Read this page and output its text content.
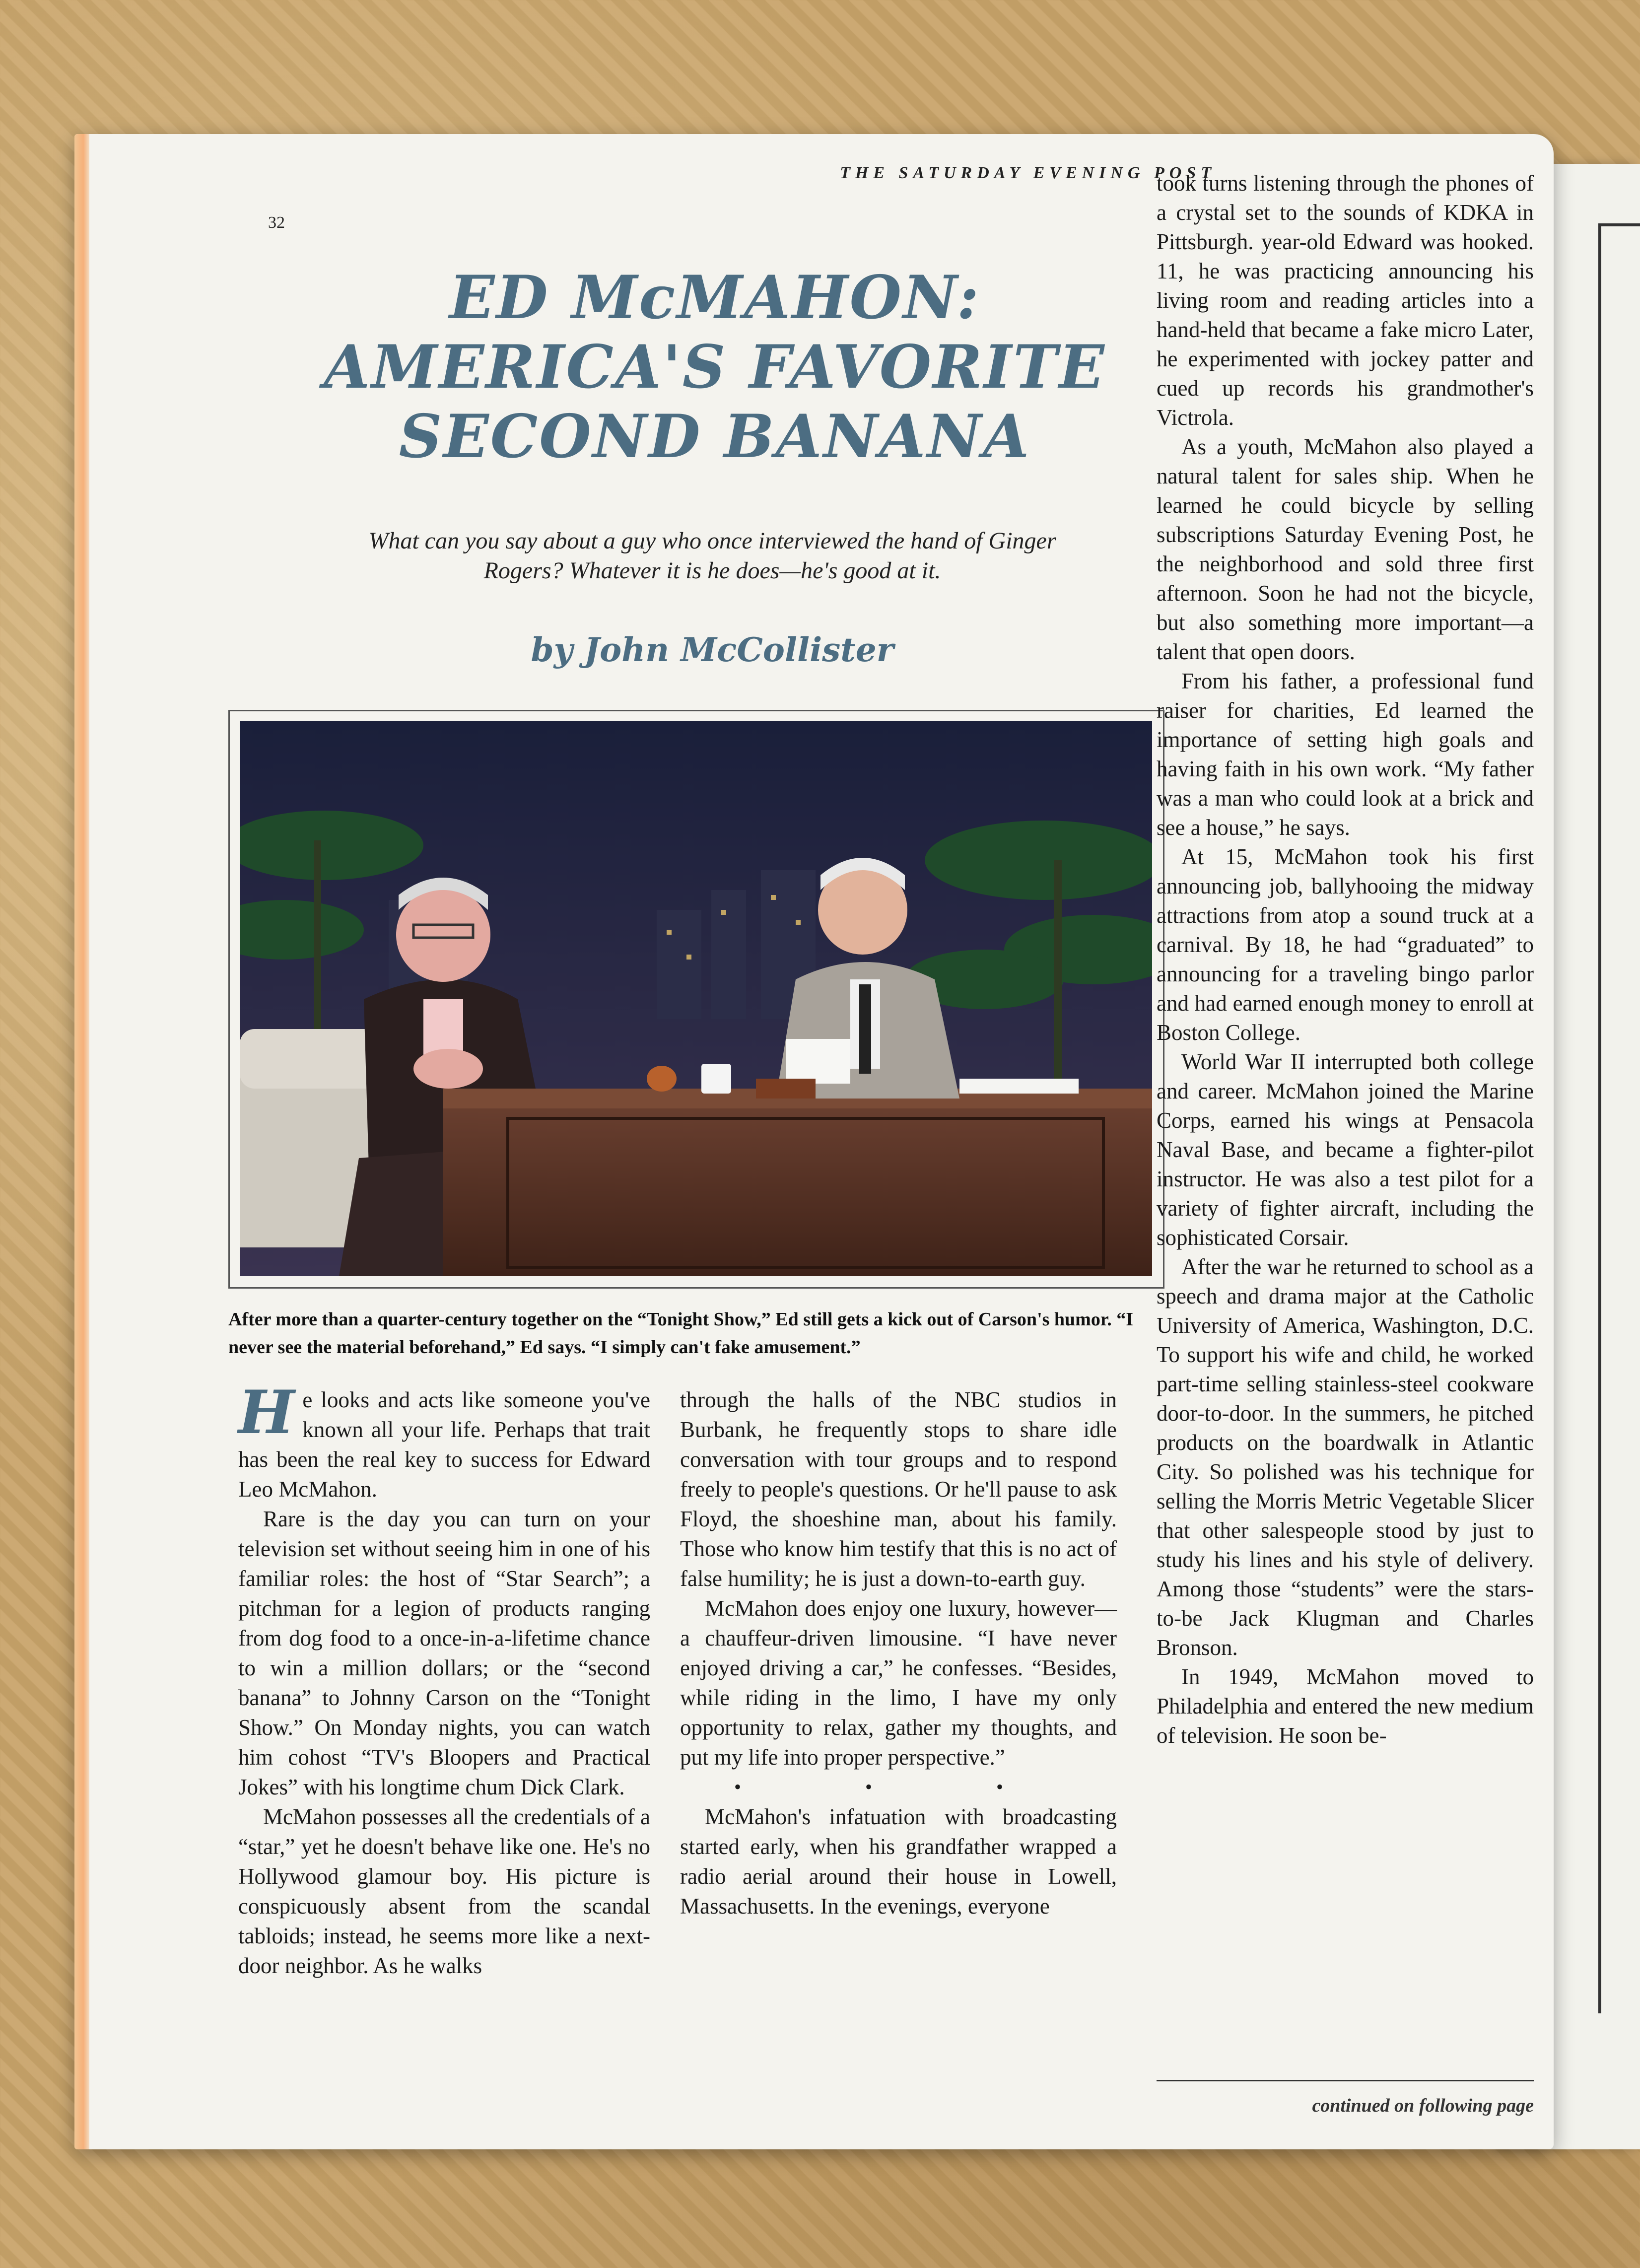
THE SATURDAY EVENING POST
32
ED McMAHON:
AMERICA'S FAVORITE
SECOND BANANA

What can you say about a guy who once interviewed the hand of Ginger Rogers? Whatever it is he does—he's good at it.

by John McCollister

After more than a quarter-century together on the “Tonight Show,” Ed still gets a kick out of Carson's humor. “I never see the material beforehand,” Ed says. “I simply can't fake amusement.”

He looks and acts like someone you've known all your life. Perhaps that trait has been the real key to success for Edward Leo McMahon.

Rare is the day you can turn on your television set without seeing him in one of his familiar roles: the host of “Star Search”; a pitchman for a legion of products ranging from dog food to a once-in-a-lifetime chance to win a million dollars; or the “second banana” to Johnny Carson on the “Tonight Show.” On Monday nights, you can watch him cohost “TV's Bloopers and Practical Jokes” with his longtime chum Dick Clark.

McMahon possesses all the credentials of a “star,” yet he doesn't behave like one. He's no Hollywood glamour boy. His picture is conspicuously absent from the scandal tabloids; instead, he seems more like a next-door neighbor. As he walks

through the halls of the NBC studios in Burbank, he frequently stops to share idle conversation with tour groups and to respond freely to people's questions. Or he'll pause to ask Floyd, the shoeshine man, about his family. Those who know him testify that this is no act of false humility; he is just a down-to-earth guy.

McMahon does enjoy one luxury, however—a chauffeur-driven limousine. “I have never enjoyed driving a car,” he confesses. “Besides, while riding in the limo, I have my only opportunity to relax, gather my thoughts, and put my life into proper perspective.”

• • •

McMahon's infatuation with broadcasting started early, when his grandfather wrapped a radio aerial around their house in Lowell, Massachusetts. In the evenings, everyone

took turns listening through the phones of a crystal set to the sounds of KDKA in Pittsburgh. year-old Edward was hooked. 11, he was practicing announcing his living room and reading articles into a hand-held that became a fake micro Later, he experimented with jockey patter and cued up records his grandmother's Victrola.

As a youth, McMahon also played a natural talent for sales ship. When he learned he could bicycle by selling subscriptions Saturday Evening Post, he the neighborhood and sold three first afternoon. Soon he had not the bicycle, but also something more important—a talent that open doors.

From his father, a professional fund raiser for charities, Ed learned the importance of setting high goals and having faith in his own work. “My father was a man who could look at a brick and see a house,” he says.

At 15, McMahon took his first announcing job, ballyhooing the midway attractions from atop a sound truck at a carnival. By 18, he had “graduated” to announcing for a traveling bingo parlor and had earned enough money to enroll at Boston College.

World War II interrupted both college and career. McMahon joined the Marine Corps, earned his wings at Pensacola Naval Base, and became a fighter-pilot instructor. He was also a test pilot for a variety of fighter aircraft, including the sophisticated Corsair.

After the war he returned to school as a speech and drama major at the Catholic University of America, Washington, D.C. To support his wife and child, he worked part-time selling stainless-steel cookware door-to-door. In the summers, he pitched products on the boardwalk in Atlantic City. So polished was his technique for selling the Morris Metric Vegetable Slicer that other salespeople stood by just to study his lines and his style of delivery. Among those “students” were the stars-to-be Jack Klugman and Charles Bronson.

In 1949, McMahon moved to Philadelphia and entered the new medium of television. He soon be-

continued on following page
